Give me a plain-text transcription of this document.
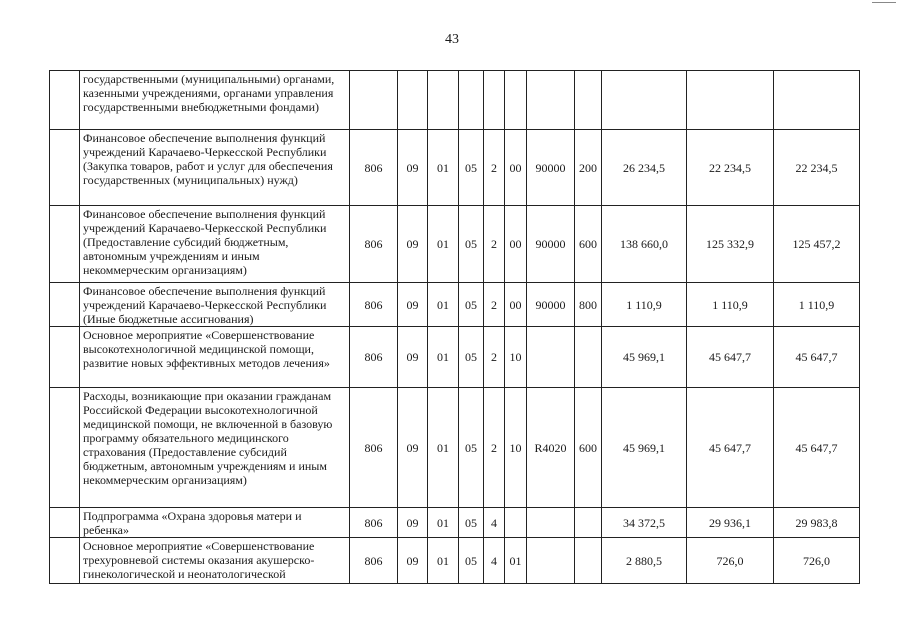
43
	государственными (муниципальными) органами, казенными учреждениями, органами управления государственными внебюджетными фондами)											
	Финансовое обеспечение выполнения функций учреждений Карачаево-Черкесской Республики (Закупка товаров, работ и услуг для обеспечения государственных (муниципальных) нужд)	806	09	01	05	2	00	90000	200	26 234,5	22 234,5	22 234,5
	Финансовое обеспечение выполнения функций учреждений Карачаево-Черкесской Республики (Предоставление субсидий бюджетным, автономным учреждениям и иным некоммерческим организациям)	806	09	01	05	2	00	90000	600	138 660,0	125 332,9	125 457,2
	Финансовое обеспечение выполнения функций учреждений Карачаево-Черкесской Республики (Иные бюджетные ассигнования)	806	09	01	05	2	00	90000	800	1 110,9	1 110,9	1 110,9
	Основное мероприятие «Совершенствование высокотехнологичной медицинской помощи, развитие новых эффективных методов лечения»	806	09	01	05	2	10			45 969,1	45 647,7	45 647,7
	Расходы, возникающие при оказании гражданам Российской Федерации высокотехнологичной медицинской помощи, не включенной в базовую программу обязательного медицинского страхования (Предоставление субсидий бюджетным, автономным учреждениям и иным некоммерческим организациям)	806	09	01	05	2	10	R4020	600	45 969,1	45 647,7	45 647,7
	Подпрограмма «Охрана здоровья матери и ребенка»	806	09	01	05	4				34 372,5	29 936,1	29 983,8
	Основное мероприятие «Совершенствование трехуровневой системы оказания акушерско-гинекологической и неонатологической	806	09	01	05	4	01			2 880,5	726,0	726,0
